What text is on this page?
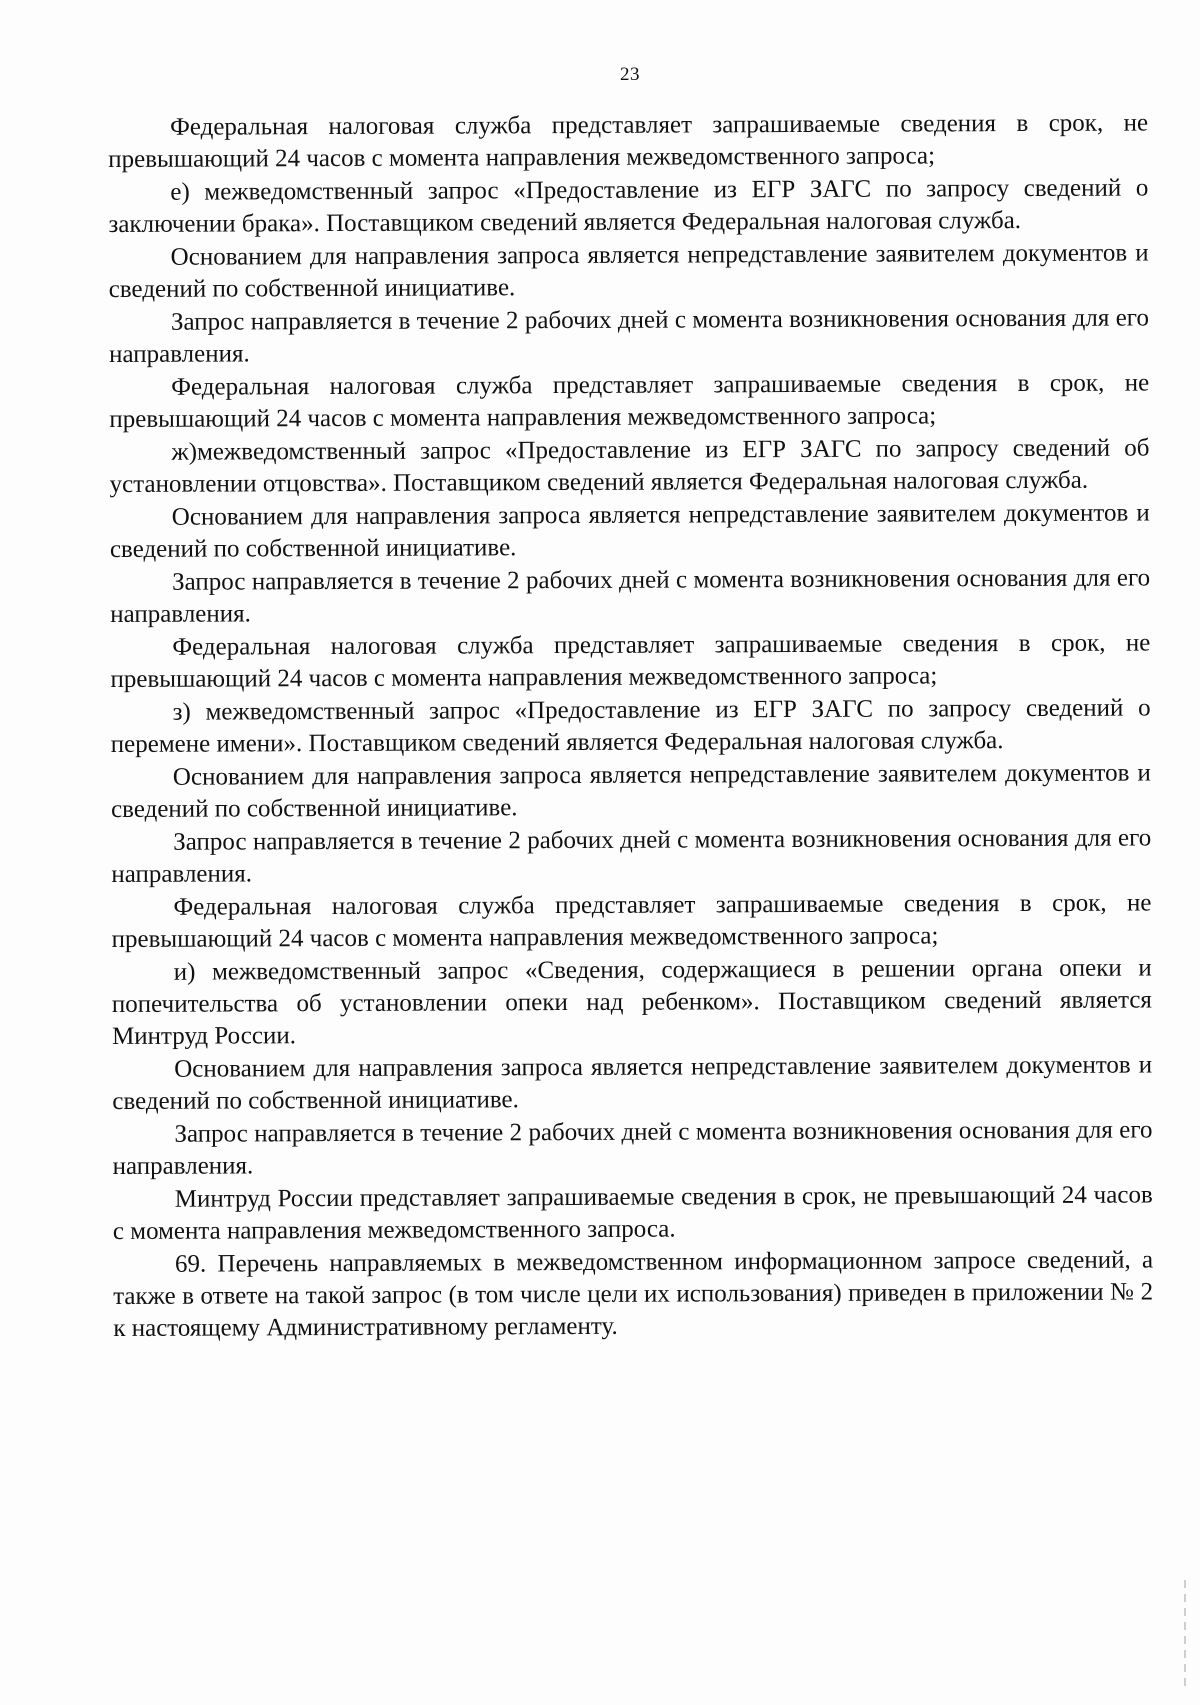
23

Федеральная налоговая служба представляет запрашиваемые сведения в срок, не превышающий 24 часов с момента направления межведомственного запроса;

е) межведомственный запрос «Предоставление из ЕГР ЗАГС по запросу сведений о заключении брака». Поставщиком сведений является Федеральная налоговая служба.

Основанием для направления запроса является непредставление заявителем документов и сведений по собственной инициативе.

Запрос направляется в течение 2 рабочих дней с момента возникновения основания для его направления.

Федеральная налоговая служба представляет запрашиваемые сведения в срок, не превышающий 24 часов с момента направления межведомственного запроса;

ж)межведомственный запрос «Предоставление из ЕГР ЗАГС по запросу сведений об установлении отцовства». Поставщиком сведений является Федеральная налоговая служба.

Основанием для направления запроса является непредставление заявителем документов и сведений по собственной инициативе.

Запрос направляется в течение 2 рабочих дней с момента возникновения основания для его направления.

Федеральная налоговая служба представляет запрашиваемые сведения в срок, не превышающий 24 часов с момента направления межведомственного запроса;

з) межведомственный запрос «Предоставление из ЕГР ЗАГС по запросу сведений о перемене имени». Поставщиком сведений является Федеральная налоговая служба.

Основанием для направления запроса является непредставление заявителем документов и сведений по собственной инициативе.

Запрос направляется в течение 2 рабочих дней с момента возникновения основания для его направления.

Федеральная налоговая служба представляет запрашиваемые сведения в срок, не превышающий 24 часов с момента направления межведомственного запроса;

и) межведомственный запрос «Сведения, содержащиеся в решении органа опеки и попечительства об установлении опеки над ребенком». Поставщиком сведений является Минтруд России.

Основанием для направления запроса является непредставление заявителем документов и сведений по собственной инициативе.

Запрос направляется в течение 2 рабочих дней с момента возникновения основания для его направления.

Минтруд России представляет запрашиваемые сведения в срок, не превышающий 24 часов с момента направления межведомственного запроса.

69. Перечень направляемых в межведомственном информационном запросе сведений, а также в ответе на такой запрос (в том числе цели их использования) приведен в приложении № 2 к настоящему Административному регламенту.
